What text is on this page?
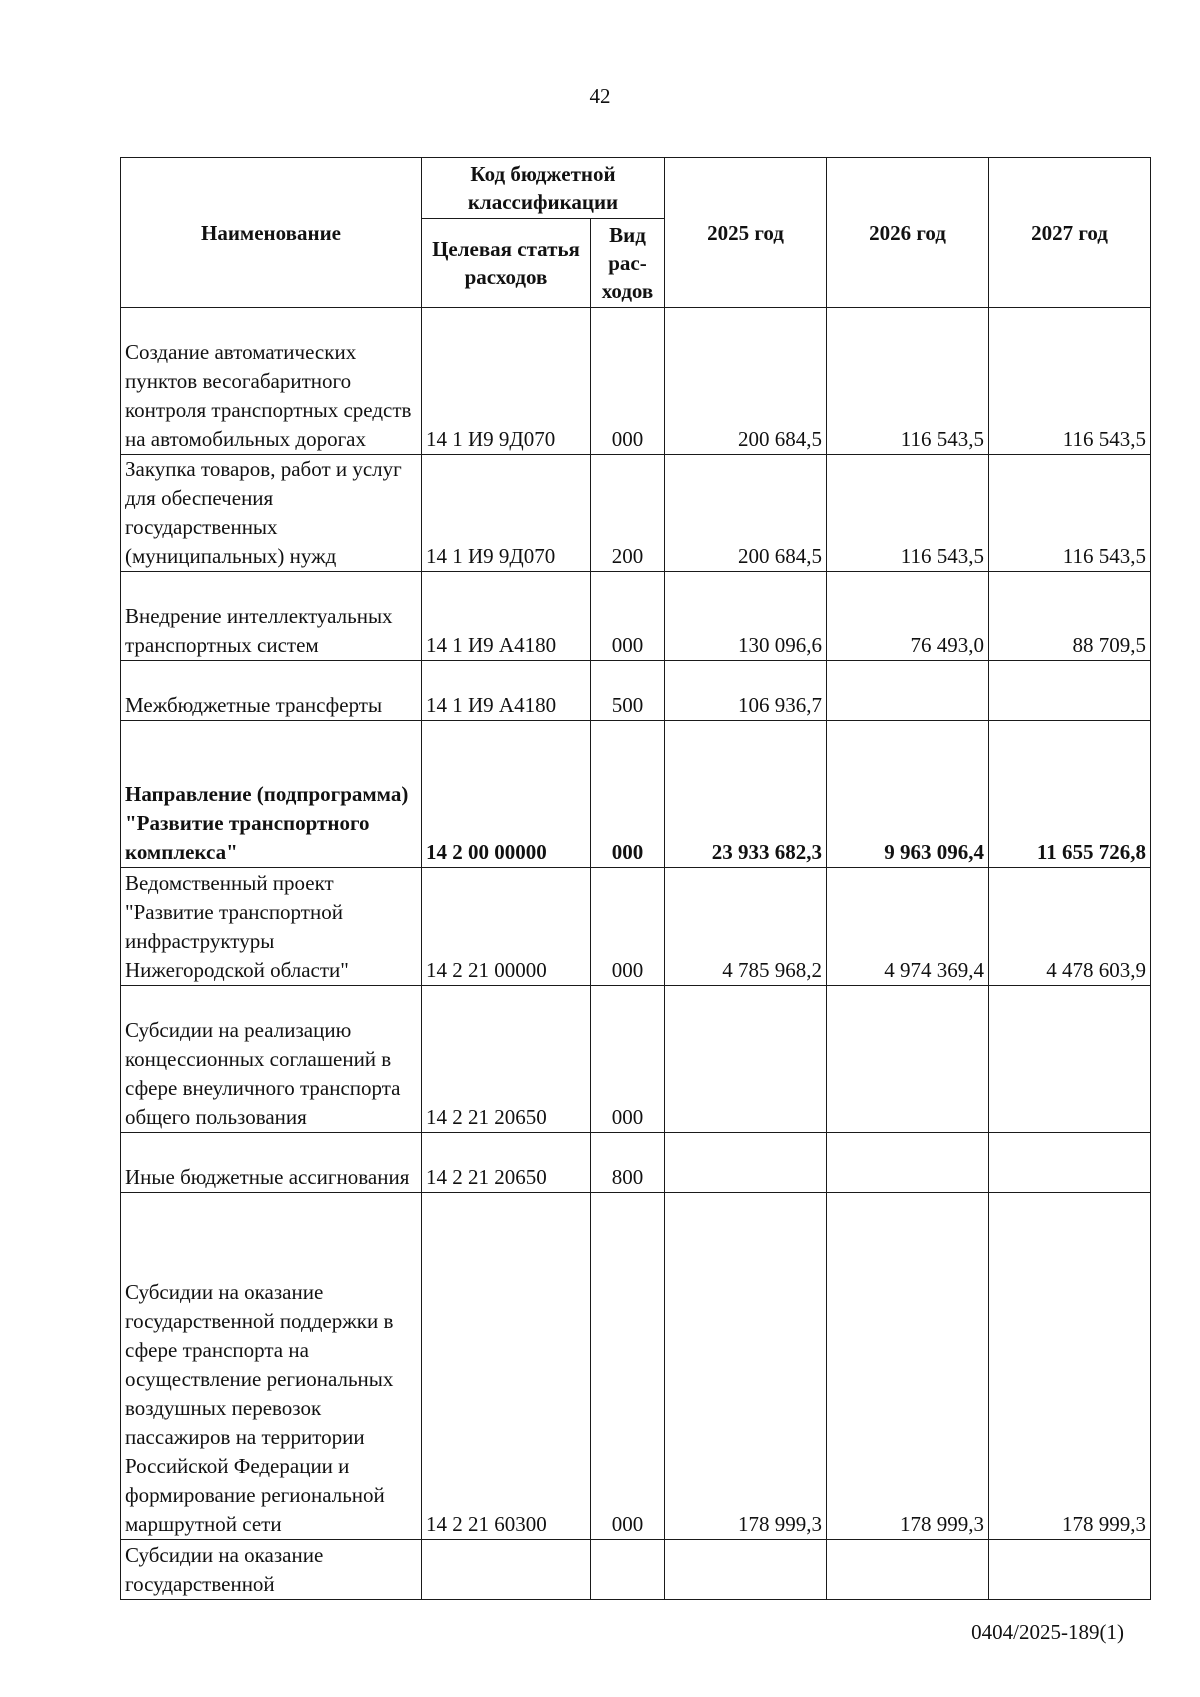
42
Наименование	Код бюджетной классификации		2025 год	2026 год	2027 год
	Целевая статья расходов	Вид рас-ходов			
Создание автоматических пунктов весогабаритного контроля транспортных средств на автомобильных дорогах	14 1 И9 9Д070	000	200 684,5	116 543,5	116 543,5
Закупка товаров, работ и услуг для обеспечения государственных (муниципальных) нужд	14 1 И9 9Д070	200	200 684,5	116 543,5	116 543,5
Внедрение интеллектуальных транспортных систем	14 1 И9 А4180	000	130 096,6	76 493,0	88 709,5
Межбюджетные трансферты	14 1 И9 А4180	500	106 936,7		
Направление (подпрограмма) "Развитие транспортного комплекса"	14 2 00 00000	000	23 933 682,3	9 963 096,4	11 655 726,8
Ведомственный проект "Развитие транспортной инфраструктуры Нижегородской области"	14 2 21 00000	000	4 785 968,2	4 974 369,4	4 478 603,9
Субсидии на реализацию концессионных соглашений в сфере внеуличного транспорта общего пользования	14 2 21 20650	000			
Иные бюджетные ассигнования	14 2 21 20650	800			
Субсидии на оказание государственной поддержки в сфере транспорта на осуществление региональных воздушных перевозок пассажиров на территории Российской Федерации и формирование региональной маршрутной сети	14 2 21 60300	000	178 999,3	178 999,3	178 999,3
Субсидии на оказание государственной					
0404/2025-189(1)
